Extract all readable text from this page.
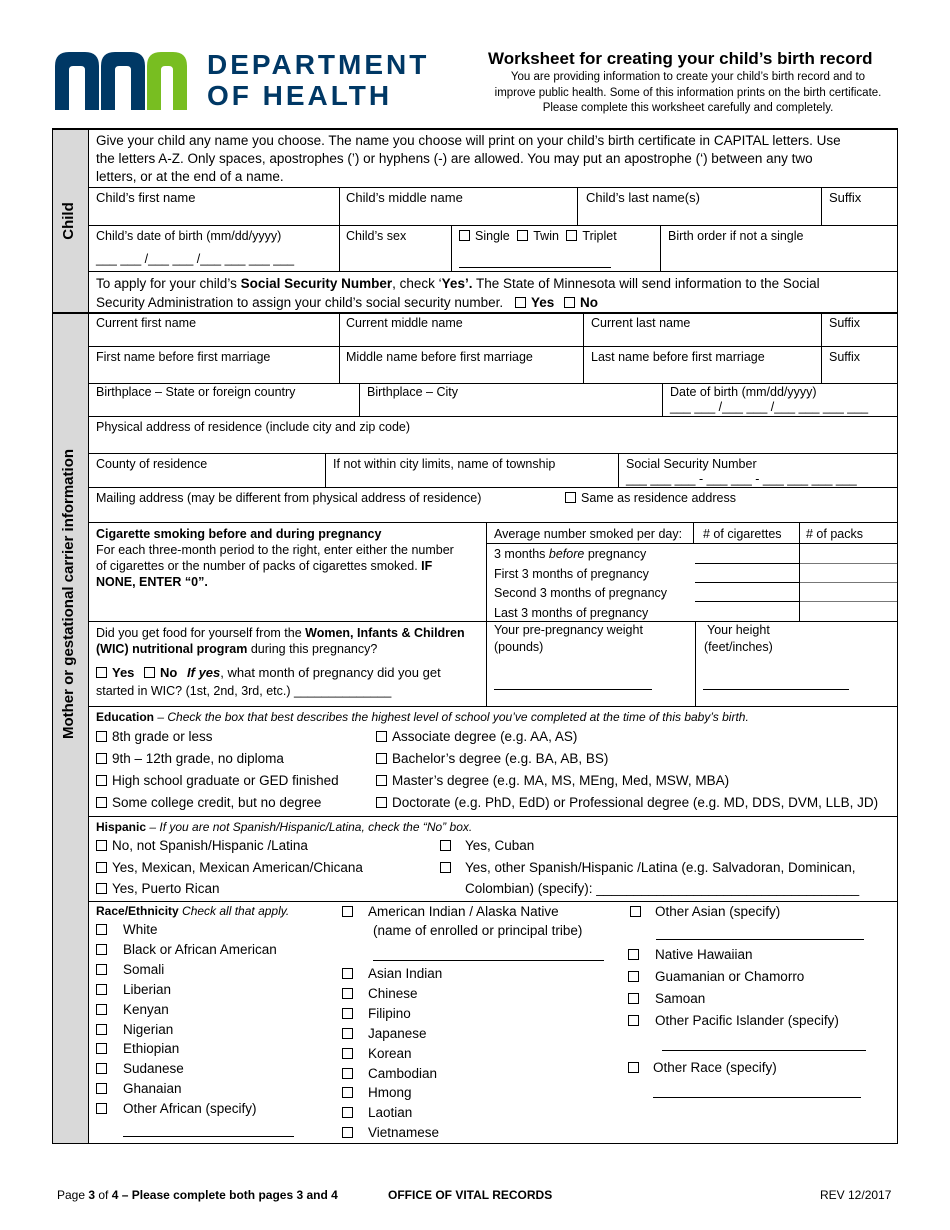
DEPARTMENT
OF HEALTH
Worksheet for creating your child’s birth record
You are providing information to create your child’s birth record and to
improve public health. Some of this information prints on the birth certificate.
Please complete this worksheet carefully and completely.
Child
Mother or gestational carrier information
Give your child any name you choose. The name you choose will print on your child’s birth certificate in CAPITAL letters. Use
the letters A-Z. Only spaces, apostrophes (’) or hyphens (-) are allowed. You may put an apostrophe (‘) between any two
letters, or at the end of a name.
Child’s first name	Child’s middle name	Child’s last name(s)	Suffix
Child’s date of birth (mm/dd/yyyy)
___ ___ /___ ___ /___ ___ ___ ___
Child’s sex	Single Twin Triplet	Birth order if not a single
To apply for your child’s Social Security Number, check ‘Yes’. The State of Minnesota will send information to the Social
Security Administration to assign your child’s social security number. Yes No
Current first name	Current middle name	Current last name	Suffix
First name before first marriage	Middle name before first marriage	Last name before first marriage	Suffix
Birthplace – State or foreign country	Birthplace – City	Date of birth (mm/dd/yyyy)
___ ___ /___ ___ /___ ___ ___ ___
Physical address of residence (include city and zip code)
County of residence	If not within city limits, name of township	Social Security Number
___ ___ ___ - ___ ___ - ___ ___ ___ ___
Mailing address (may be different from physical address of residence)	Same as residence address
Cigarette smoking before and during pregnancy
For each three-month period to the right, enter either the number
of cigarettes or the number of packs of cigarettes smoked. IF
NONE, ENTER “0”.
Average number smoked per day: # of cigarettes # of packs
3 months before pregnancy
First 3 months of pregnancy
Second 3 months of pregnancy
Last 3 months of pregnancy
Did you get food for yourself from the Women, Infants & Children
(WIC) nutritional program during this pregnancy?
Yes No If yes, what month of pregnancy did you get
started in WIC? (1st, 2nd, 3rd, etc.) ______________
Your pre-pregnancy weight
(pounds)
Your height
(feet/inches)
Education – Check the box that best describes the highest level of school you’ve completed at the time of this baby’s birth.
8th grade or less
9th – 12th grade, no diploma
High school graduate or GED finished
Some college credit, but no degree
Associate degree (e.g. AA, AS)
Bachelor’s degree (e.g. BA, AB, BS)
Master’s degree (e.g. MA, MS, MEng, Med, MSW, MBA)
Doctorate (e.g. PhD, EdD) or Professional degree (e.g. MD, DDS, DVM, LLB, JD)
Hispanic – If you are not Spanish/Hispanic/Latina, check the “No” box.
No, not Spanish/Hispanic /Latina
Yes, Mexican, Mexican American/Chicana
Yes, Puerto Rican
Yes, Cuban
Yes, other Spanish/Hispanic /Latina (e.g. Salvadoran, Dominican,
Colombian) (specify): ___________________________________
Race/Ethnicity Check all that apply.
White
Black or African American
Somali
Liberian
Kenyan
Nigerian
Ethiopian
Sudanese
Ghanaian
Other African (specify)
American Indian / Alaska Native
(name of enrolled or principal tribe)
Asian Indian
Chinese
Filipino
Japanese
Korean
Cambodian
Hmong
Laotian
Vietnamese
Other Asian (specify)
Native Hawaiian
Guamanian or Chamorro
Samoan
Other Pacific Islander (specify)
Other Race (specify)
Page 3 of 4 – Please complete both pages 3 and 4	OFFICE OF VITAL RECORDS	REV 12/2017
